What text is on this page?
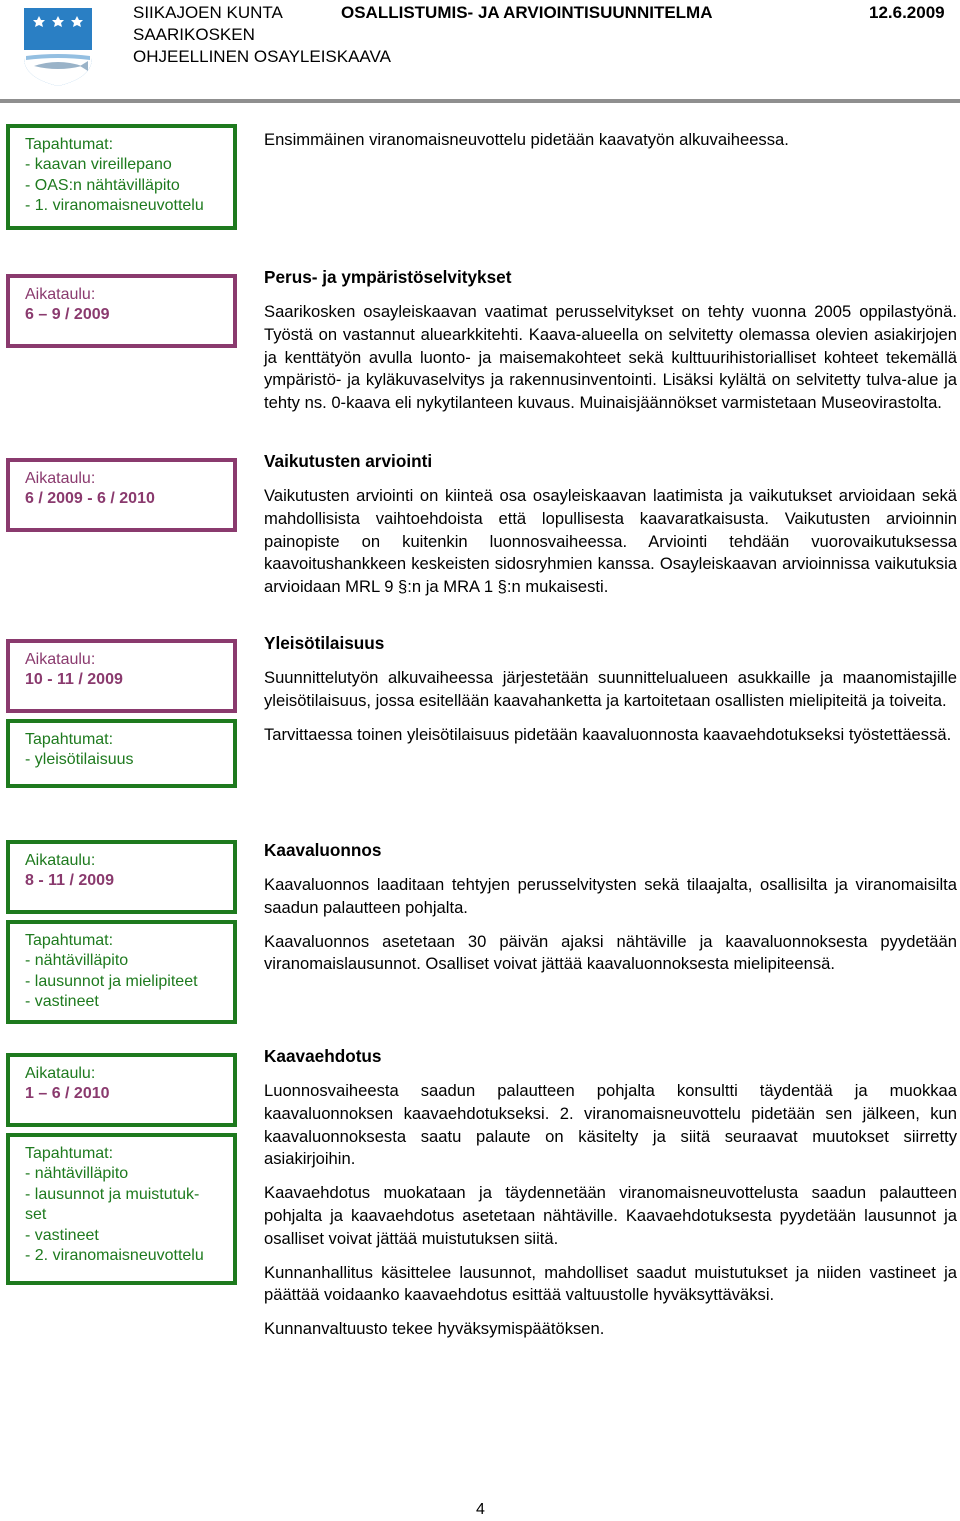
SIIKAJOEN KUNTA
SAARIKOSKEN
OHJEELLINEN OSAYLEISKAAVA
OSALLISTUMIS- JA ARVIOINTISUUNNITELMA	12.6.2009
Tapahtumat:
- kaavan vireillepano
- OAS:n nähtävilläpito
- 1. viranomaisneuvottelu
Aikataulu:
6 – 9 / 2009
Aikataulu:
6 / 2009 - 6 / 2010
Aikataulu:
10 - 11 / 2009
Tapahtumat:
- yleisötilaisuus
Aikataulu:
8 - 11 / 2009
Tapahtumat:
- nähtävilläpito
- lausunnot ja mielipiteet
- vastineet
Aikataulu:
1 – 6 / 2010
Tapahtumat:
- nähtävilläpito
- lausunnot ja muistutuk-
set
- vastineet
- 2. viranomaisneuvottelu

Ensimmäinen viranomaisneuvottelu pidetään kaavatyön alkuvaiheessa.

Perus- ja ympäristöselvitykset

Saarikosken osayleiskaavan vaatimat perusselvitykset on tehty vuonna 2005 oppilastyönä. Työstä on vastannut aluearkkitehti. Kaava-alueella on selvitetty olemassa olevien asiakirjojen ja kenttätyön avulla luonto- ja maisemakohteet sekä kulttuurihistorialliset kohteet tekemällä ympäristö- ja kyläkuvaselvitys ja rakennusinventointi. Lisäksi kylältä on selvitetty tulva-alue ja tehty ns. 0-kaava eli nykytilanteen kuvaus. Muinaisjäännökset varmistetaan Museovirastolta.

Vaikutusten arviointi

Vaikutusten arviointi on kiinteä osa osayleiskaavan laatimista ja vaikutukset arvioidaan sekä mahdollisista vaihtoehdoista että lopullisesta kaavaratkaisusta. Vaikutusten arvioinnin painopiste on kuitenkin luonnosvaiheessa. Arviointi tehdään vuorovaikutuksessa kaavoitushankkeen keskeisten sidosryhmien kanssa. Osayleiskaavan arvioinnissa vaikutuksia arvioidaan MRL 9 §:n ja MRA 1 §:n mukaisesti.

Yleisötilaisuus

Suunnittelutyön alkuvaiheessa järjestetään suunnittelualueen asukkaille ja maanomistajille yleisötilaisuus, jossa esitellään kaavahanketta ja kartoitetaan osallisten mielipiteitä ja toiveita.

Tarvittaessa toinen yleisötilaisuus pidetään kaavaluonnosta kaavaehdotukseksi työstettäessä.

Kaavaluonnos

Kaavaluonnos laaditaan tehtyjen perusselvitysten sekä tilaajalta, osallisilta ja viranomaisilta saadun palautteen pohjalta.

Kaavaluonnos asetetaan 30 päivän ajaksi nähtäville ja kaavaluonnoksesta pyydetään viranomaislausunnot. Osalliset voivat jättää kaavaluonnoksesta mielipiteensä.

Kaavaehdotus

Luonnosvaiheesta saadun palautteen pohjalta konsultti täydentää ja muokkaa kaavaluonnoksen kaavaehdotukseksi. 2. viranomaisneuvottelu pidetään sen jälkeen, kun kaavaluonnoksesta saatu palaute on käsitelty ja siitä seuraavat muutokset siirretty asiakirjoihin.

Kaavaehdotus muokataan ja täydennetään viranomaisneuvottelusta saadun palautteen pohjalta ja kaavaehdotus asetetaan nähtäville. Kaavaehdotuksesta pyydetään lausunnot ja osalliset voivat jättää muistutuksen siitä.

Kunnanhallitus käsittelee lausunnot, mahdolliset saadut muistutukset ja niiden vastineet ja päättää voidaanko kaavaehdotus esittää valtuustolle hyväksyttäväksi.

Kunnanvaltuusto tekee hyväksymispäätöksen.

4
